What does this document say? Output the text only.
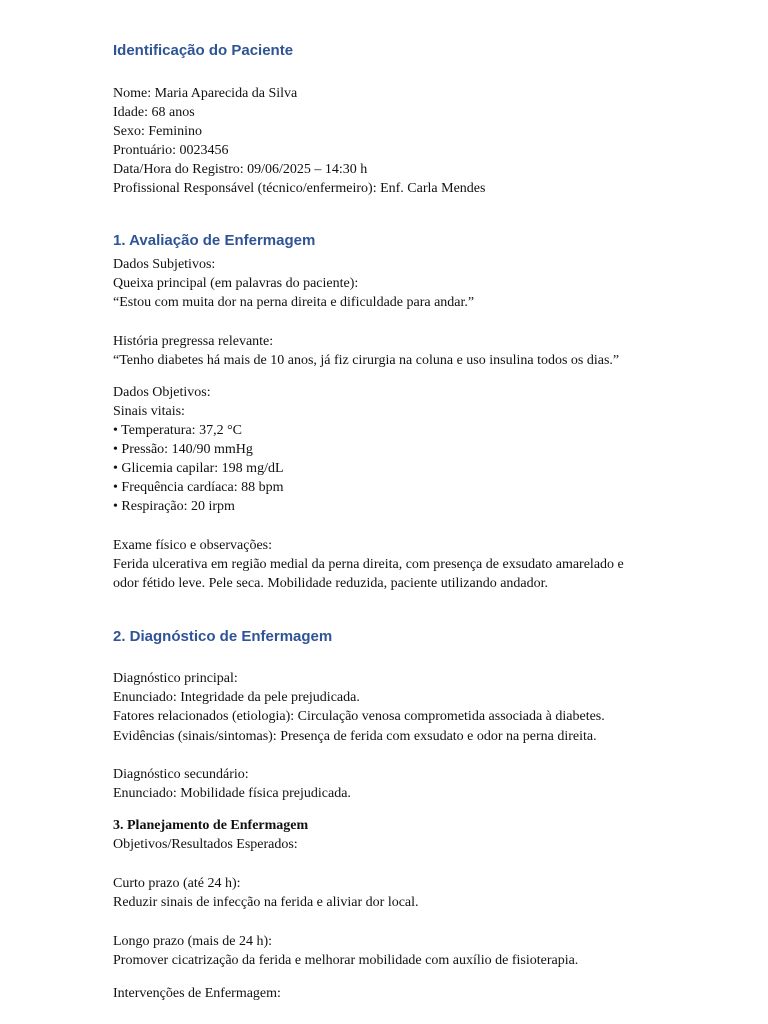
Identificação do Paciente
Nome: Maria Aparecida da Silva
Idade: 68 anos
Sexo: Feminino
Prontuário: 0023456
Data/Hora do Registro: 09/06/2025 – 14:30 h
Profissional Responsável (técnico/enfermeiro): Enf. Carla Mendes
1. Avaliação de Enfermagem
Dados Subjetivos:
Queixa principal (em palavras do paciente):
“Estou com muita dor na perna direita e dificuldade para andar.”
História pregressa relevante:
“Tenho diabetes há mais de 10 anos, já fiz cirurgia na coluna e uso insulina todos os dias.”
Dados Objetivos:
Sinais vitais:
• Temperatura: 37,2 °C
• Pressão: 140/90 mmHg
• Glicemia capilar: 198 mg/dL
• Frequência cardíaca: 88 bpm
• Respiração: 20 irpm
Exame físico e observações:
Ferida ulcerativa em região medial da perna direita, com presença de exsudato amarelado e
odor fétido leve. Pele seca. Mobilidade reduzida, paciente utilizando andador.
2. Diagnóstico de Enfermagem
Diagnóstico principal:
Enunciado: Integridade da pele prejudicada.
Fatores relacionados (etiologia): Circulação venosa comprometida associada à diabetes.
Evidências (sinais/sintomas): Presença de ferida com exsudato e odor na perna direita.
Diagnóstico secundário:
Enunciado: Mobilidade física prejudicada.
3. Planejamento de Enfermagem
Objetivos/Resultados Esperados:
Curto prazo (até 24 h):
Reduzir sinais de infecção na ferida e aliviar dor local.
Longo prazo (mais de 24 h):
Promover cicatrização da ferida e melhorar mobilidade com auxílio de fisioterapia.
Intervenções de Enfermagem:
